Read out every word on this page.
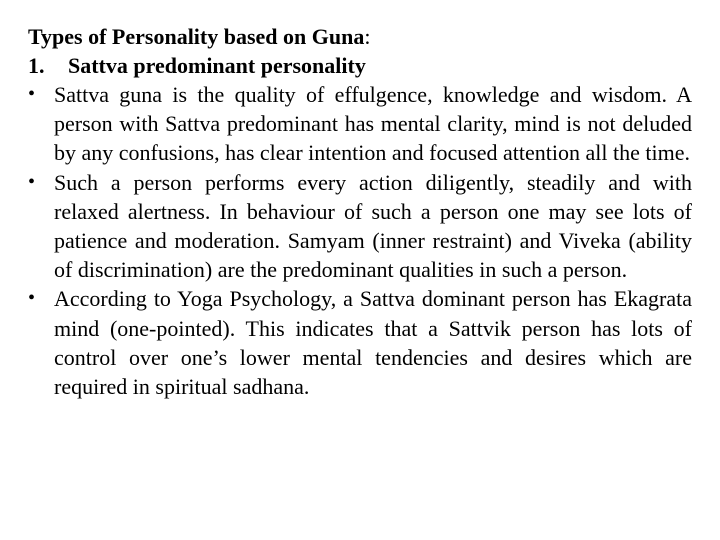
Types of Personality based on Guna:

1.	Sattva predominant personality

• Sattva guna is the quality of effulgence, knowledge and wisdom. A person with Sattva predominant has mental clarity, mind is not deluded by any confusions, has clear intention and focused attention all the time.
• Such a person performs every action diligently, steadily and with relaxed alertness. In behaviour of such a person one may see lots of patience and moderation. Samyam (inner restraint) and Viveka (ability of discrimination) are the predominant qualities in such a person.
• According to Yoga Psychology, a Sattva dominant person has Ekagrata mind (one-pointed). This indicates that a Sattvik person has lots of control over one’s lower mental tendencies and desires which are required in spiritual sadhana.
